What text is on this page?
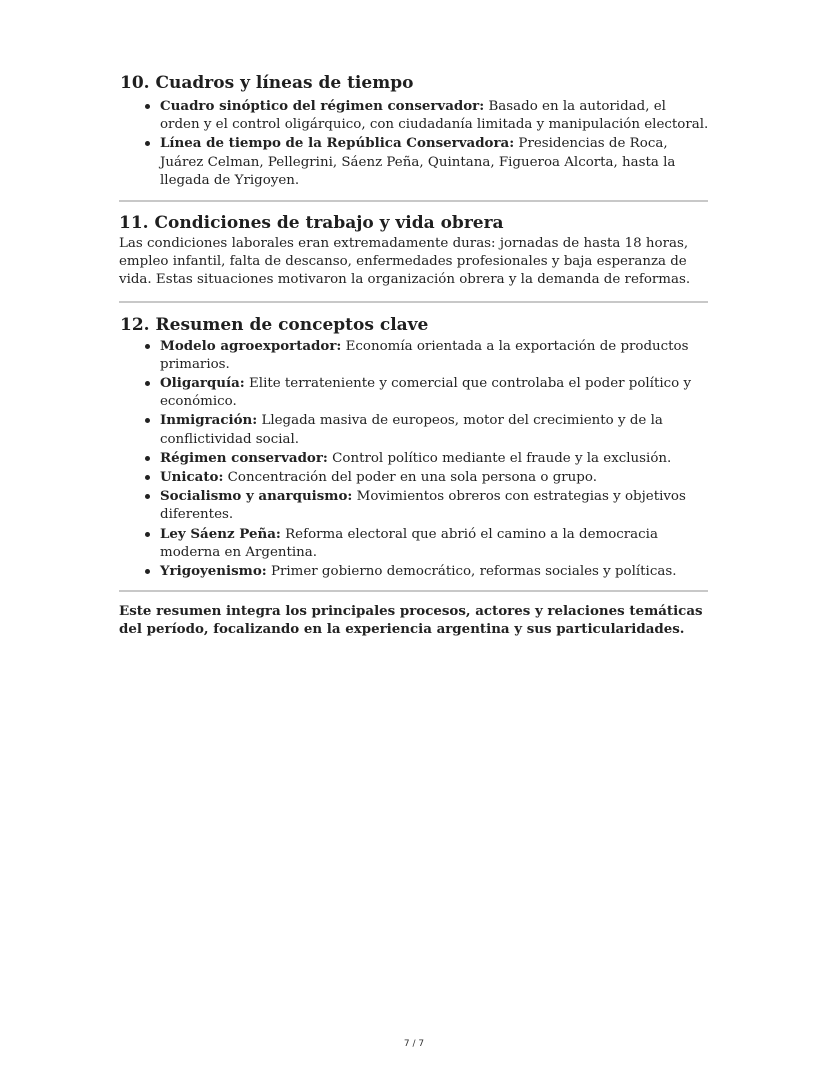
10. Cuadros y líneas de tiempo
Cuadro sinóptico del régimen conservador: Basado en la autoridad, el orden y el control oligárquico, con ciudadanía limitada y manipulación electoral.
Línea de tiempo de la República Conservadora: Presidencias de Roca, Juárez Celman, Pellegrini, Sáenz Peña, Quintana, Figueroa Alcorta, hasta la llegada de Yrigoyen.
11. Condiciones de trabajo y vida obrera

Las condiciones laborales eran extremadamente duras: jornadas de hasta 18 horas, empleo infantil, falta de descanso, enfermedades profesionales y baja esperanza de vida. Estas situaciones motivaron la organización obrera y la demanda de reformas.

12. Resumen de conceptos clave
Modelo agroexportador: Economía orientada a la exportación de productos primarios.
Oligarquía: Elite terrateniente y comercial que controlaba el poder político y económico.
Inmigración: Llegada masiva de europeos, motor del crecimiento y de la conflictividad social.
Régimen conservador: Control político mediante el fraude y la exclusión.
Unicato: Concentración del poder en una sola persona o grupo.
Socialismo y anarquismo: Movimientos obreros con estrategias y objetivos diferentes.
Ley Sáenz Peña: Reforma electoral que abrió el camino a la democracia moderna en Argentina.
Yrigoyenismo: Primer gobierno democrático, reformas sociales y políticas.

Este resumen integra los principales procesos, actores y relaciones temáticas del período, focalizando en la experiencia argentina y sus particularidades.

7 / 7
